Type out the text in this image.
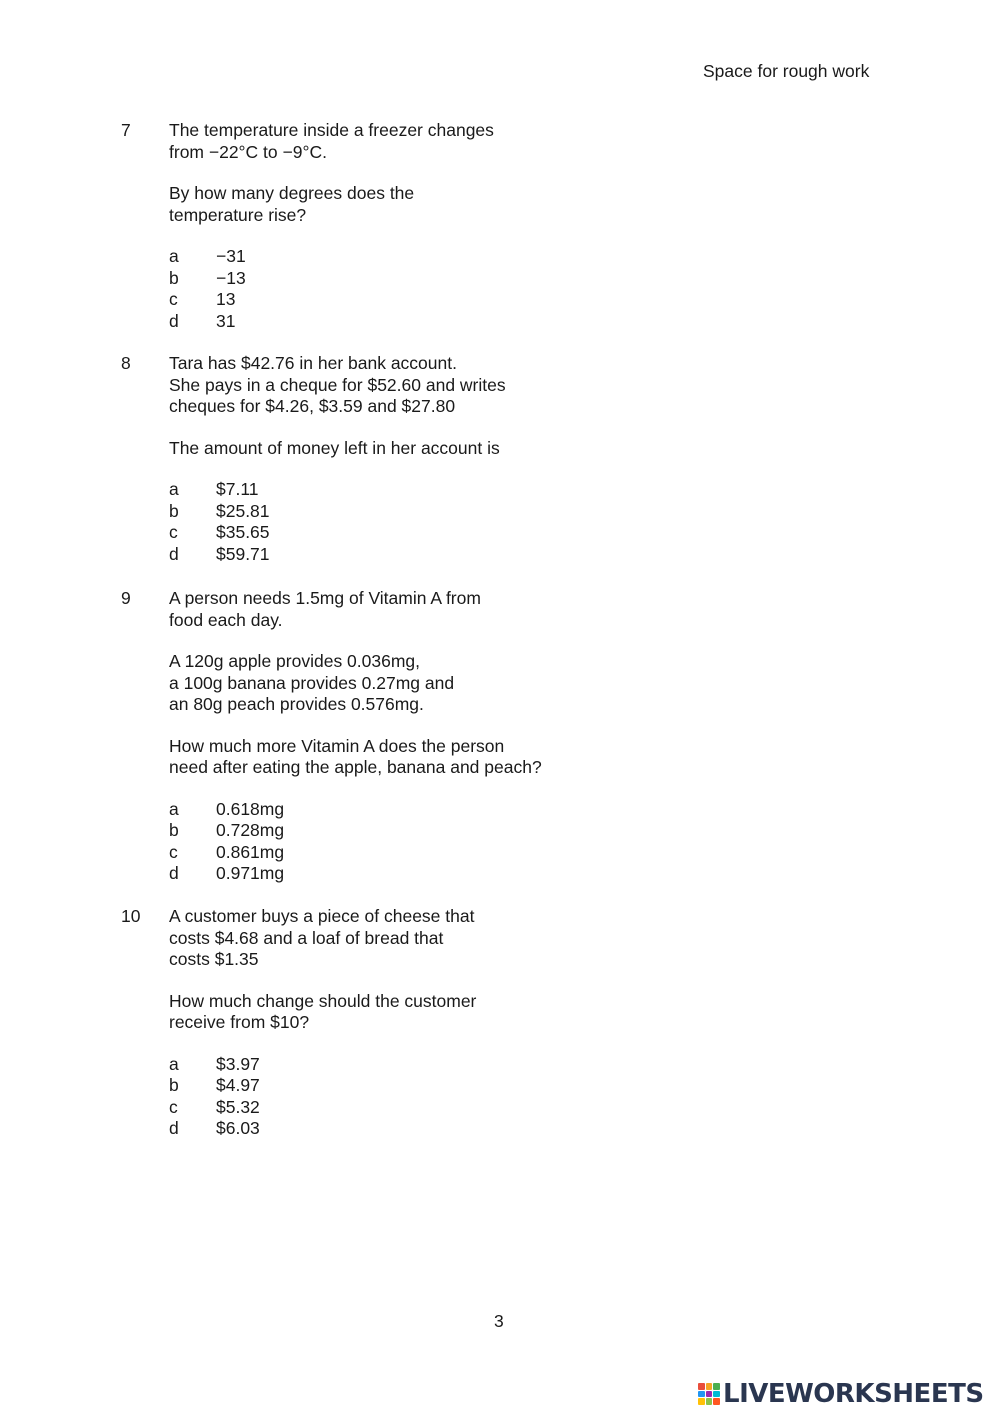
Space for rough work
7 The temperature inside a freezer changes
from −22°C to −9°C.
By how many degrees does the
temperature rise?
a −31
b −13
c 13
d 31
8 Tara has $42.76 in her bank account.
She pays in a cheque for $52.60 and writes
cheques for $4.26, $3.59 and $27.80
The amount of money left in her account is
a $7.11
b $25.81
c $35.65
d $59.71
9 A person needs 1.5mg of Vitamin A from
food each day.
A 120g apple provides 0.036mg,
a 100g banana provides 0.27mg and
an 80g peach provides 0.576mg.
How much more Vitamin A does the person
need after eating the apple, banana and peach?
a 0.618mg
b 0.728mg
c 0.861mg
d 0.971mg
10 A customer buys a piece of cheese that
costs $4.68 and a loaf of bread that
costs $1.35
How much change should the customer
receive from $10?
a $3.97
b $4.97
c $5.32
d $6.03
3
LIVEWORKSHEETS
